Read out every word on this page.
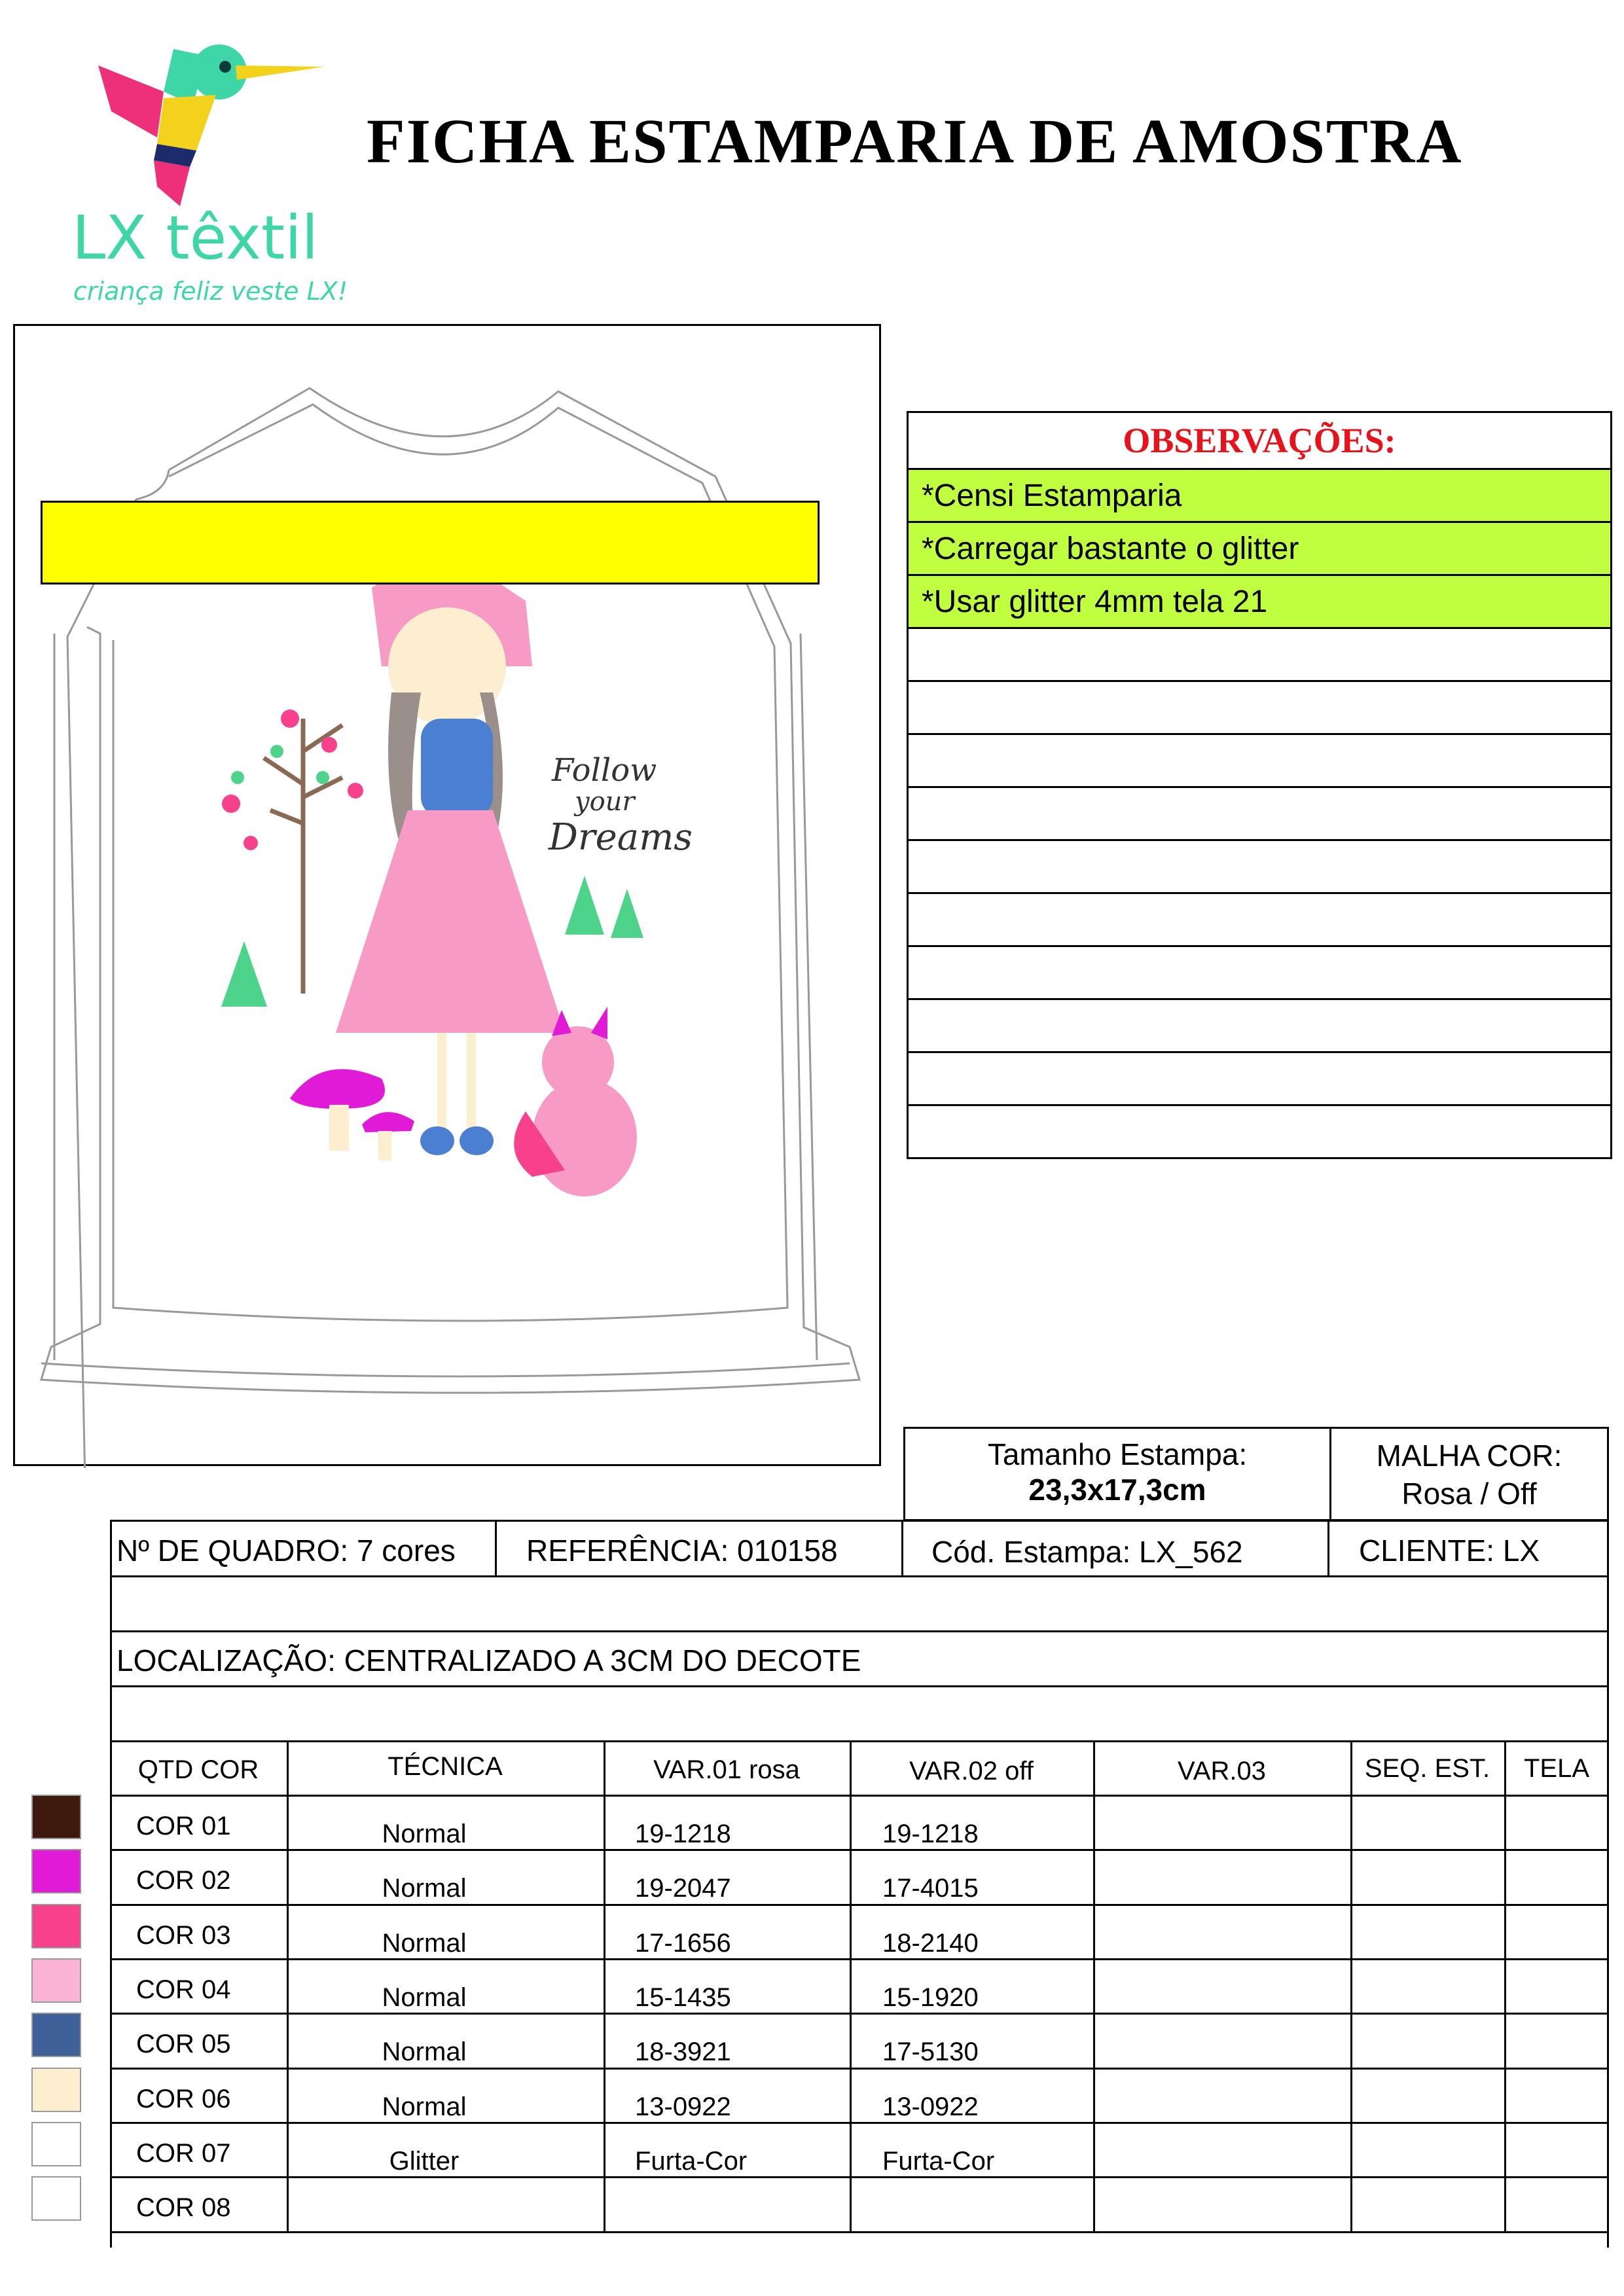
LX têxtil
criança feliz veste LX!
FICHA ESTAMPARIA DE AMOSTRA
Follow
your
Dreams
OBSERVAÇÕES:
*Censi Estamparia
*Carregar bastante o glitter
*Usar glitter 4mm tela 21

Tamanho Estampa:
23,3x17,3cm
MALHA COR:
Rosa / Off
Nº DE QUADRO: 7 cores REFERÊNCIA: 010158	Cód. Estampa: LX_562	CLIENTE: LX
LOCALIZAÇÃO: CENTRALIZADO A 3CM DO DECOTE
QTD COR	TÉCNICA	VAR.01 rosa	VAR.02 off	VAR.03	SEQ. EST.	TELA
COR 01	Normal	19-1218	19-1218
COR 02	Normal	19-2047	17-4015
COR 03	Normal	17-1656	18-2140
COR 04	Normal	15-1435	15-1920
COR 05	Normal	18-3921	17-5130
COR 06	Normal	13-0922	13-0922
COR 07	Glitter	Furta-Cor	Furta-Cor
COR 08
